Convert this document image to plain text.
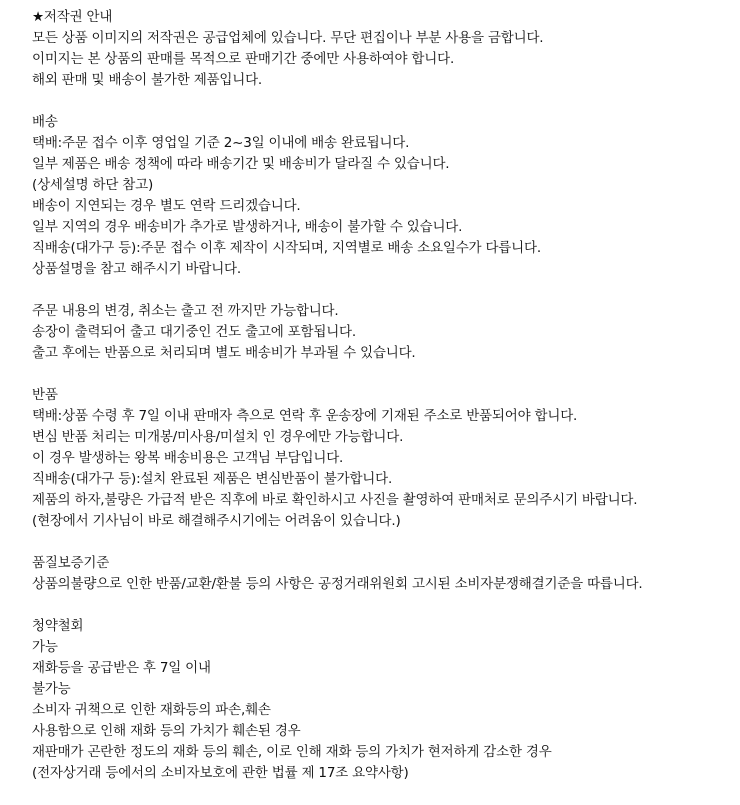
★저작권 안내
모든 상품 이미지의 저작권은 공급업체에 있습니다. 무단 편집이나 부분 사용을 금합니다.
이미지는 본 상품의 판매를 목적으로 판매기간 중에만 사용하여야 합니다.
해외 판매 및 배송이 불가한 제품입니다.
배송
택배:주문 접수 이후 영업일 기준 2~3일 이내에 배송 완료됩니다.
일부 제품은 배송 정책에 따라 배송기간 및 배송비가 달라질 수 있습니다.
(상세설명 하단 참고)
배송이 지연되는 경우 별도 연락 드리겠습니다.
일부 지역의 경우 배송비가 추가로 발생하거나, 배송이 불가할 수 있습니다.
직배송(대가구 등):주문 접수 이후 제작이 시작되며, 지역별로 배송 소요일수가 다릅니다.
상품설명을 참고 해주시기 바랍니다.
주문 내용의 변경, 취소는 출고 전 까지만 가능합니다.
송장이 출력되어 출고 대기중인 건도 출고에 포함됩니다.
출고 후에는 반품으로 처리되며 별도 배송비가 부과될 수 있습니다.
반품
택배:상품 수령 후 7일 이내 판매자 측으로 연락 후 운송장에 기재된 주소로 반품되어야 합니다.
변심 반품 처리는 미개봉/미사용/미설치 인 경우에만 가능합니다.
이 경우 발생하는 왕복 배송비용은 고객님 부담입니다.
직배송(대가구 등):설치 완료된 제품은 변심반품이 불가합니다.
제품의 하자,불량은 가급적 받은 직후에 바로 확인하시고 사진을 촬영하여 판매처로 문의주시기 바랍니다.
(현장에서 기사님이 바로 해결해주시기에는 어려움이 있습니다.)
품질보증기준
상품의불량으로 인한 반품/교환/환불 등의 사항은 공정거래위원회 고시된 소비자분쟁해결기준을 따릅니다.
청약철회
가능
재화등을 공급받은 후 7일 이내
불가능
소비자 귀책으로 인한 재화등의 파손,훼손
사용함으로 인해 재화 등의 가치가 훼손된 경우
재판매가 곤란한 정도의 재화 등의 훼손, 이로 인해 재화 등의 가치가 현저하게 감소한 경우
(전자상거래 등에서의 소비자보호에 관한 법률 제 17조 요약사항)
